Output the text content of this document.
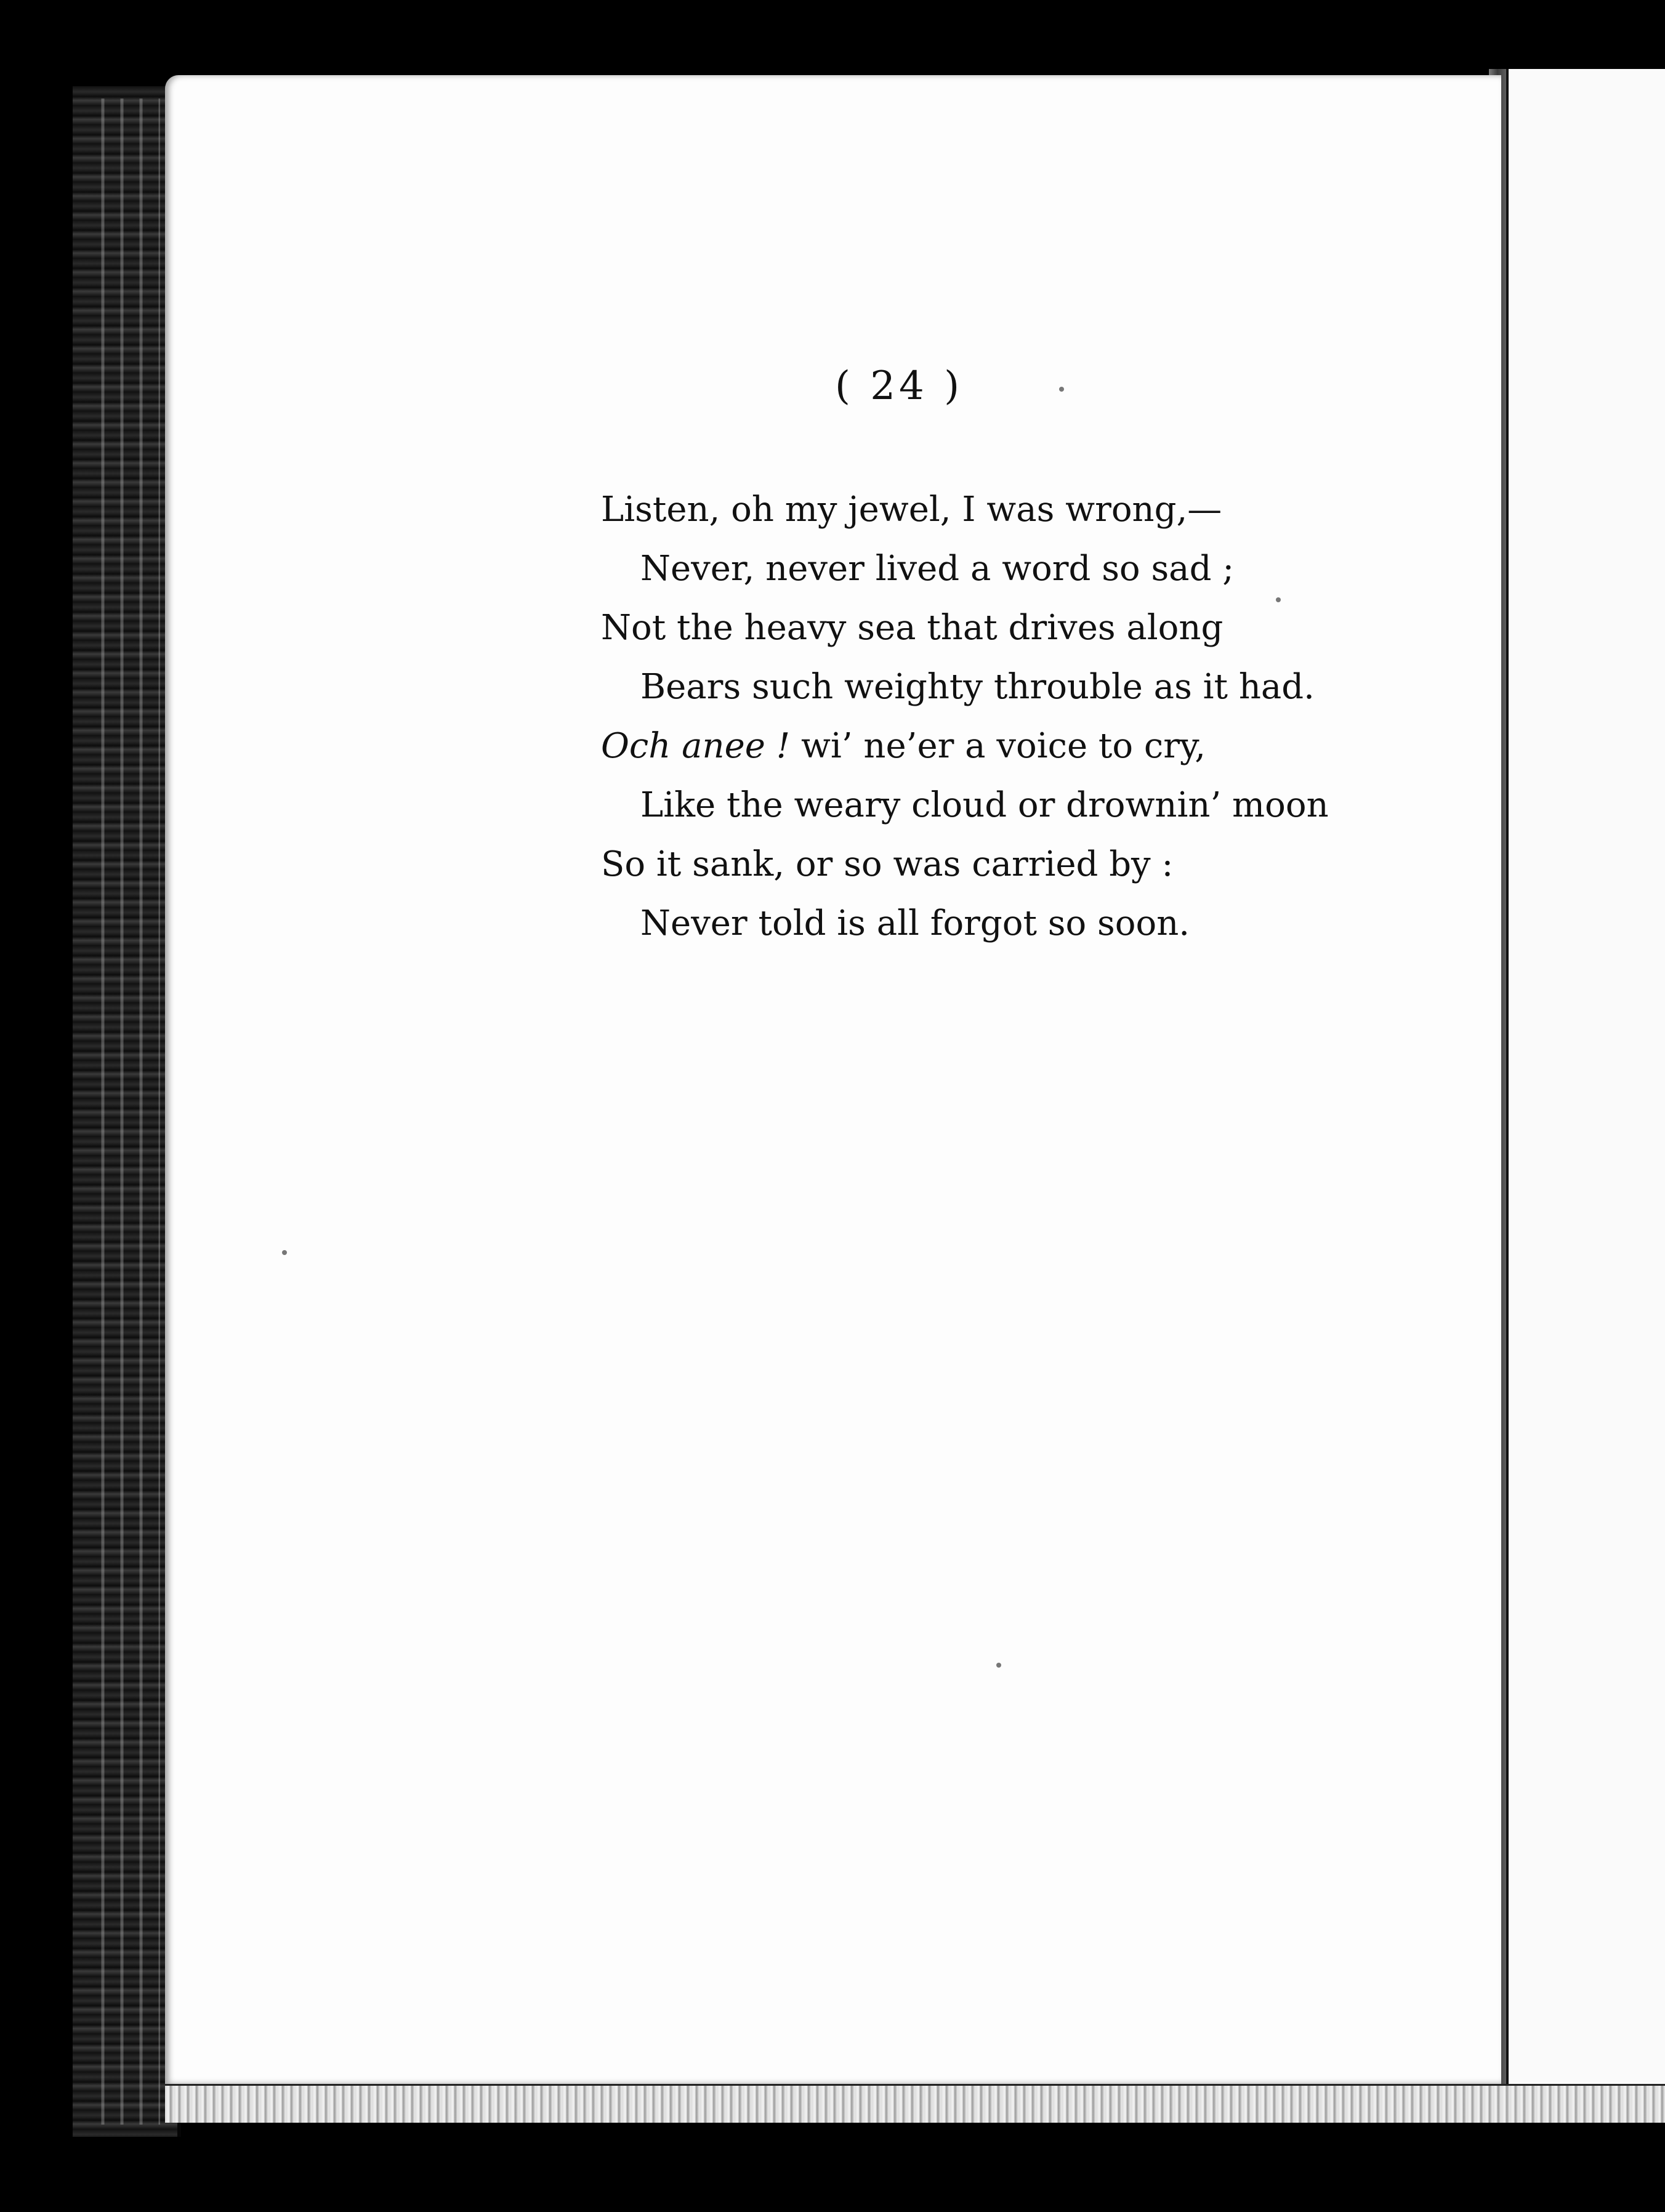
( 24 )
Listen, oh my jewel, I was wrong,—
Never, never lived a word so sad ;
Not the heavy sea that drives along
Bears such weighty throuble as it had.
Och anee ! wi’ ne’er a voice to cry,
Like the weary cloud or drownin’ moon
So it sank, or so was carried by :
Never told is all forgot so soon.
